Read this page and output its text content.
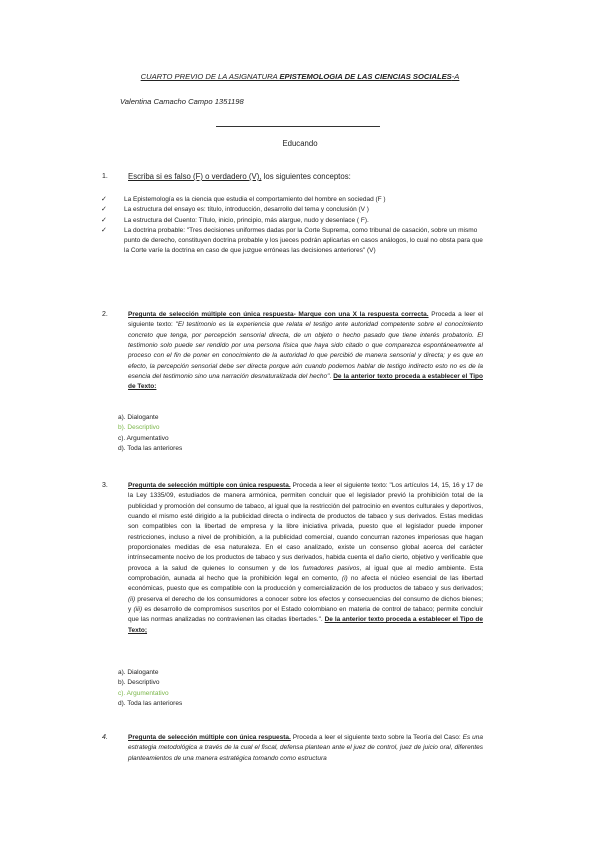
CUARTO PREVIO DE LA ASIGNATURA EPISTEMOLOGIA DE LAS CIENCIAS SOCIALES-A
Valentina Camacho Campo 1351198
Educando
1.	Escriba si es falso (F) o verdadero (V), los siguientes conceptos:
✓	La Epistemología es la ciencia que estudia el comportamiento del hombre en sociedad (F )
✓	La estructura del ensayo es: título, introducción, desarrollo del tema y conclusión (V )
✓	La estructura del Cuento: Título, inicio, principio, más alargue, nudo y desenlace ( F).
✓	La doctrina probable: "Tres decisiones uniformes dadas por la Corte Suprema, como tribunal de casación, sobre un mismo punto de derecho, constituyen doctrina probable y los jueces podrán aplicarlas en casos análogos, lo cual no obsta para que la Corte varíe la doctrina en caso de que juzgue erróneas las decisiones anteriores" (V)
2.	Pregunta de selección múltiple con única respuesta- Marque con una X la respuesta correcta. Proceda a leer el siguiente texto: "El testimonio es la experiencia que relata el testigo ante autoridad competente sobre el conocimiento concreto que tenga, por percepción sensorial directa, de un objeto o hecho pasado que tiene interés probatorio. El testimonio solo puede ser rendido por una persona física que haya sido citado o que comparezca espontáneamente al proceso con el fin de poner en conocimiento de la autoridad lo que percibió de manera sensorial y directa; y es que en efecto, la percepción sensorial debe ser directa porque aún cuando podemos hablar de testigo indirecto esto no es de la esencia del testimonio sino una narración desnaturalizada del hecho". De la anterior texto proceda a establecer el Tipo de Texto:
a). Dialogante
b). Descriptivo
c). Argumentativo
d). Toda las anteriores
3.	Pregunta de selección múltiple con única respuesta. Proceda a leer el siguiente texto: "Los artículos 14, 15, 16 y 17 de la Ley 1335/09, estudiados de manera armónica, permiten concluir que el legislador previó la prohibición total de la publicidad y promoción del consumo de tabaco, al igual que la restricción del patrocinio en eventos culturales y deportivos, cuando el mismo esté dirigido a la publicidad directa o indirecta de productos de tabaco y sus derivados. Estas medidas son compatibles con la libertad de empresa y la libre iniciativa privada, puesto que el legislador puede imponer restricciones, incluso a nivel de prohibición, a la publicidad comercial, cuando concurran razones imperiosas que hagan proporcionales medidas de esa naturaleza. En el caso analizado, existe un consenso global acerca del carácter intrínsecamente nocivo de los productos de tabaco y sus derivados, habida cuenta el daño cierto, objetivo y verificable que provoca a la salud de quienes lo consumen y de los fumadores pasivos, al igual que al medio ambiente. Esta comprobación, aunada al hecho que la prohibición legal en comento, (i) no afecta el núcleo esencial de las libertad económicas, puesto que es compatible con la producción y comercialización de los productos de tabaco y sus derivados; (ii) preserva el derecho de los consumidores a conocer sobre los efectos y consecuencias del consumo de dichos bienes; y (iii) es desarrollo de compromisos suscritos por el Estado colombiano en materia de control de tabaco; permite concluir que las normas analizadas no contravienen las citadas libertades.". De la anterior texto proceda a establecer el Tipo de Texto;
a). Dialogante
b). Descriptivo
c). Argumentativo
d). Toda las anteriores
4.	Pregunta de selección múltiple con única respuesta. Proceda a leer el siguiente texto sobre la Teoría del Caso: Es una estrategia metodológica a través de la cual el fiscal, defensa plantean ante el juez de control, juez de juicio oral, diferentes planteamientos de una manera estratégica tomando como estructura
